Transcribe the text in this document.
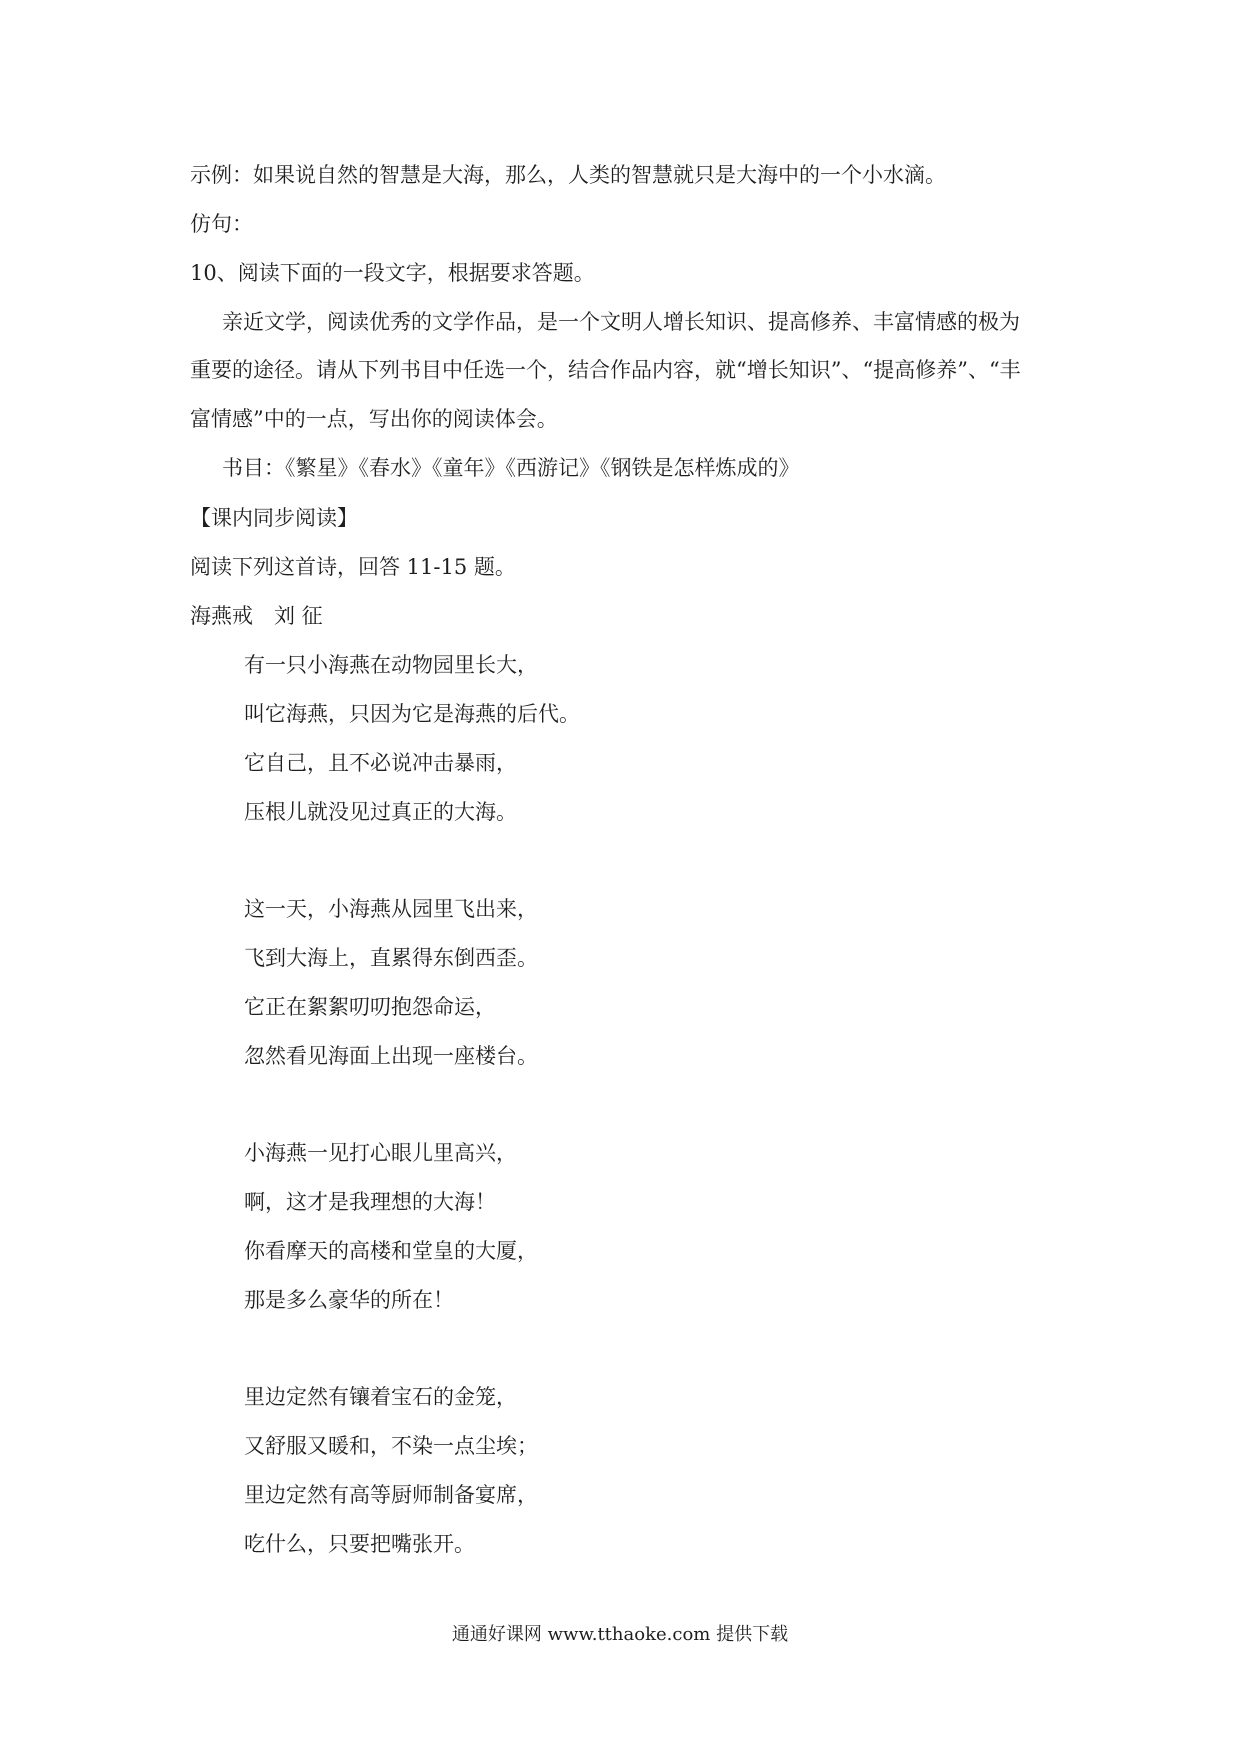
示例：如果说自然的智慧是大海，那么，人类的智慧就只是大海中的一个小水滴。
仿句：
10、阅读下面的一段文字，根据要求答题。
亲近文学，阅读优秀的文学作品，是一个文明人增长知识、提高修养、丰富情感的极为
重要的途径。请从下列书目中任选一个，结合作品内容，就“增长知识”、“提高修养”、“丰
富情感”中的一点，写出你的阅读体会。
书目：《繁星》《春水》《童年》《西游记》《钢铁是怎样炼成的》
【课内同步阅读】
阅读下列这首诗，回答 11-15 题。
海燕戒　刘 征
有一只小海燕在动物园里长大，
叫它海燕，只因为它是海燕的后代。
它自己，且不必说冲击暴雨，
压根儿就没见过真正的大海。
这一天，小海燕从园里飞出来，
飞到大海上，直累得东倒西歪。
它正在絮絮叨叨抱怨命运，
忽然看见海面上出现一座楼台。
小海燕一见打心眼儿里高兴，
啊，这才是我理想的大海！
你看摩天的高楼和堂皇的大厦，
那是多么豪华的所在！
里边定然有镶着宝石的金笼，
又舒服又暖和，不染一点尘埃；
里边定然有高等厨师制备宴席，
吃什么，只要把嘴张开。
通通好课网 www.tthaoke.com 提供下载
